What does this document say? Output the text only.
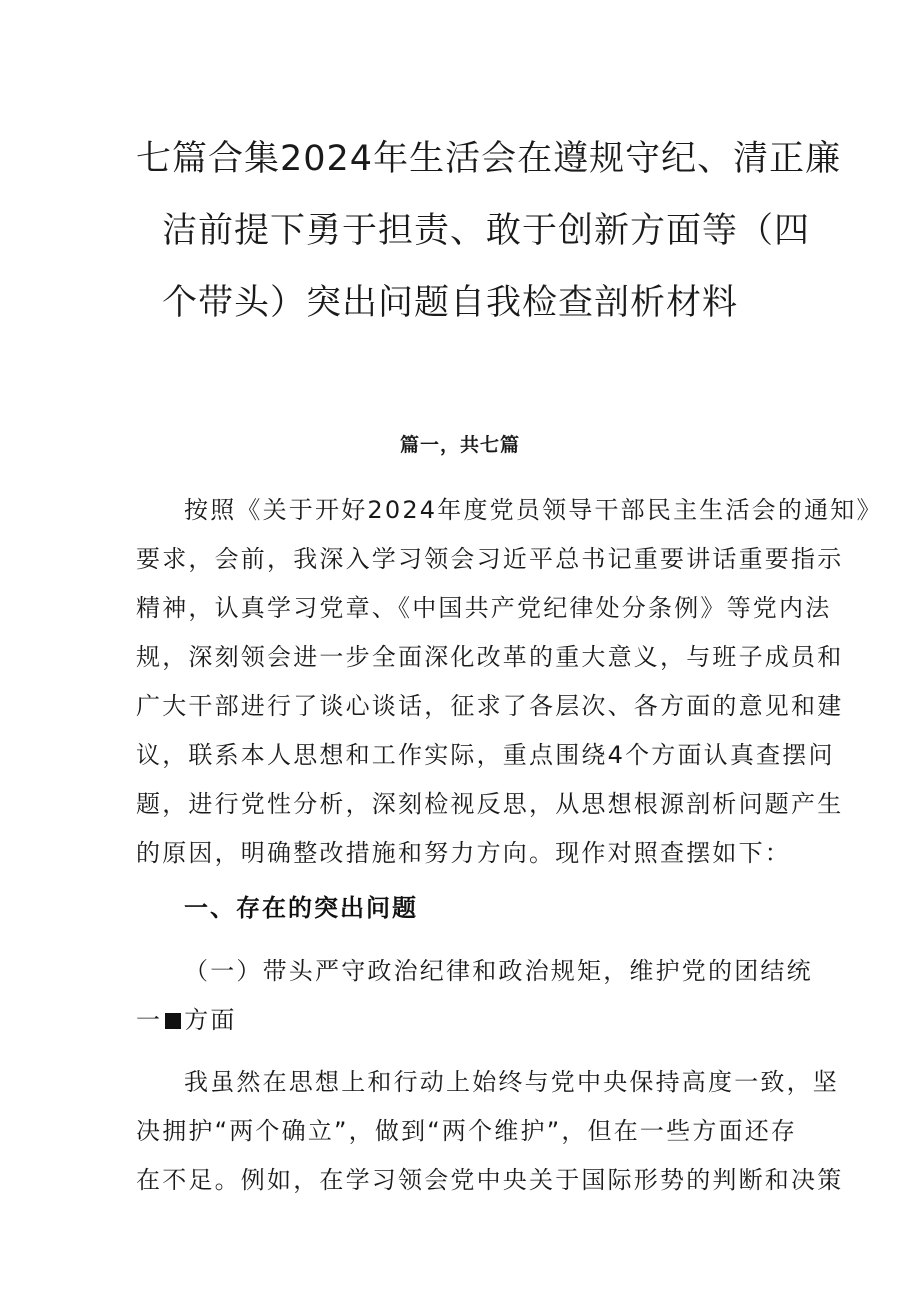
七篇合集2024年生活会在遵规守纪、清正廉
洁前提下勇于担责、敢于创新方面等（四
个带头）突出问题自我检查剖析材料
篇一，共七篇
按照《关于开好2024年度党员领导干部民主生活会的通知》
要求，会前，我深入学习领会习近平总书记重要讲话重要指示
精神，认真学习党章、《中国共产党纪律处分条例》等党内法
规，深刻领会进一步全面深化改革的重大意义，与班子成员和
广大干部进行了谈心谈话，征求了各层次、各方面的意见和建
议，联系本人思想和工作实际，重点围绕4个方面认真查摆问
题，进行党性分析，深刻检视反思，从思想根源剖析问题产生
的原因，明确整改措施和努力方向。现作对照查摆如下：
一、存在的突出问题
（一）带头严守政治纪律和政治规矩，维护党的团结统
一 方面
我虽然在思想上和行动上始终与党中央保持高度一致，坚
决拥护“两个确立”，做到“两个维护”，但在一些方面还存
在不足。例如，在学习领会党中央关于国际形势的判断和决策
